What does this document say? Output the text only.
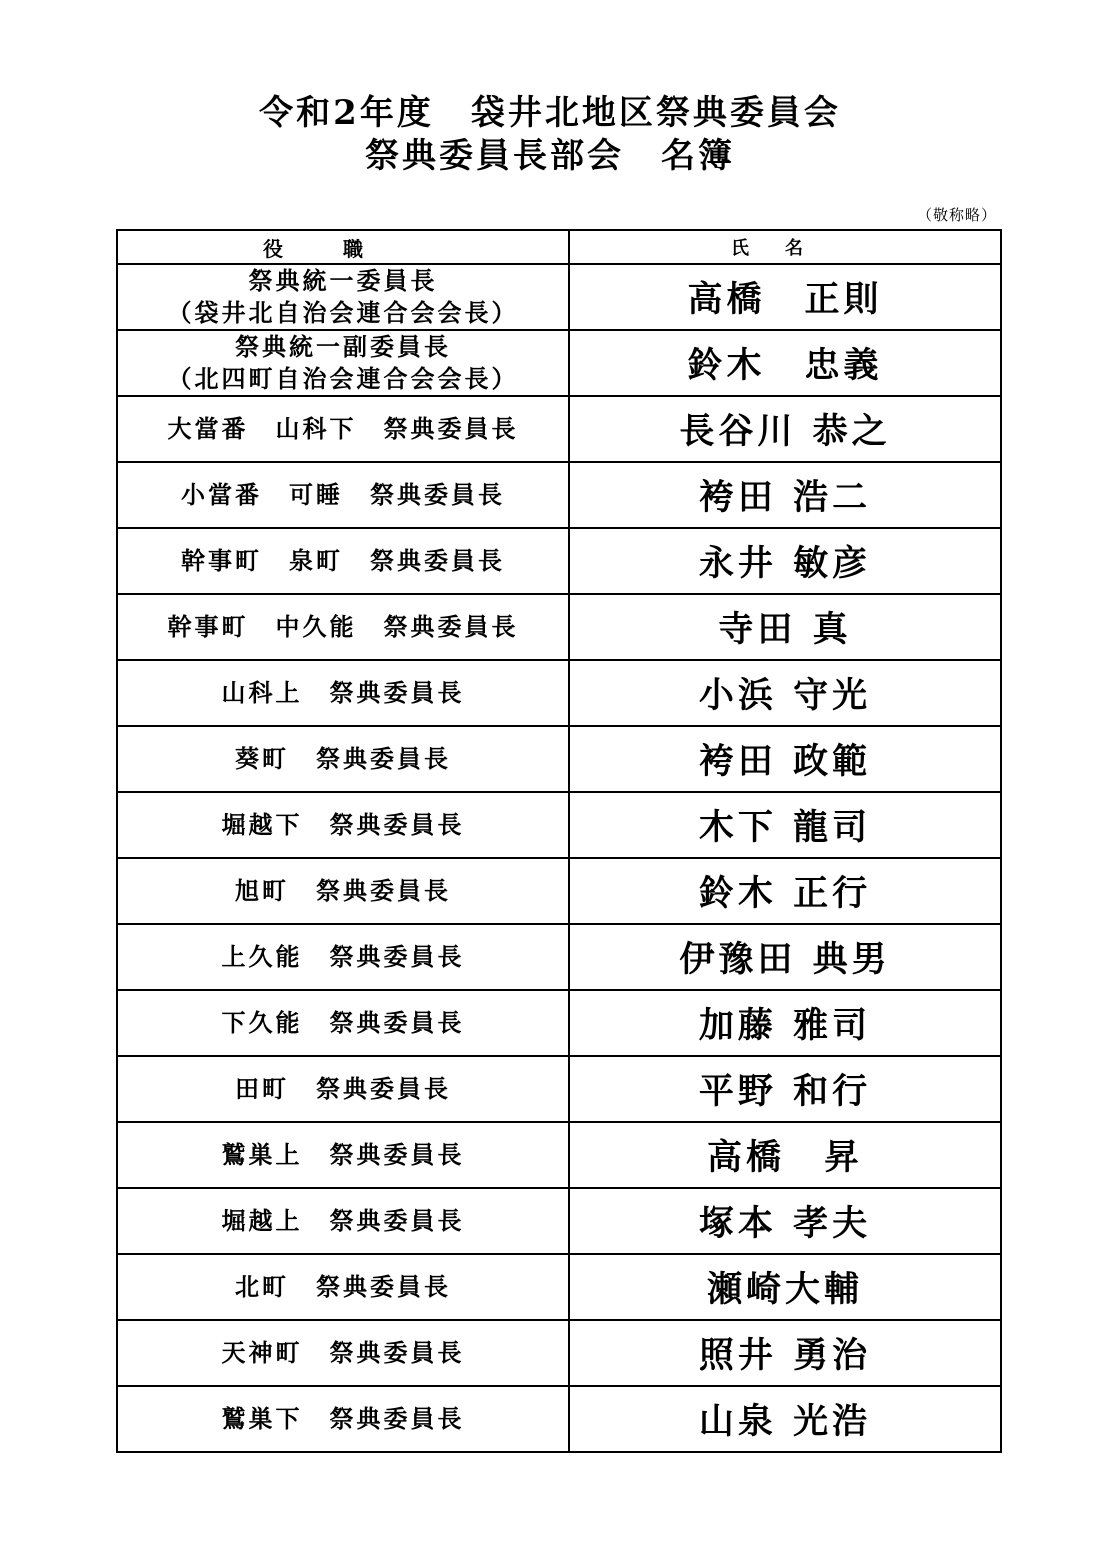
令和2年度　袋井北地区祭典委員会
祭典委員長部会　名簿
（敬称略）
役職	氏名

祭典統一委員長
（袋井北自治会連合会会長）	高橋　正則

祭典統一副委員長
（北四町自治会連合会会長）	鈴木　忠義
大當番　山科下　祭典委員長	長谷川 恭之
小當番　可睡　祭典委員長	袴田 浩二
幹事町　泉町　祭典委員長	永井 敏彦
幹事町　中久能　祭典委員長	寺田 真
山科上　祭典委員長	小浜 守光
葵町　祭典委員長	袴田 政範
堀越下　祭典委員長	木下 龍司
旭町　祭典委員長	鈴木 正行
上久能　祭典委員長	伊豫田 典男
下久能　祭典委員長	加藤 雅司
田町　祭典委員長	平野 和行
鷲巣上　祭典委員長	高橋　昇
堀越上　祭典委員長	塚本 孝夫
北町　祭典委員長	瀬崎大輔
天神町　祭典委員長	照井 勇治
鷲巣下　祭典委員長	山泉 光浩
